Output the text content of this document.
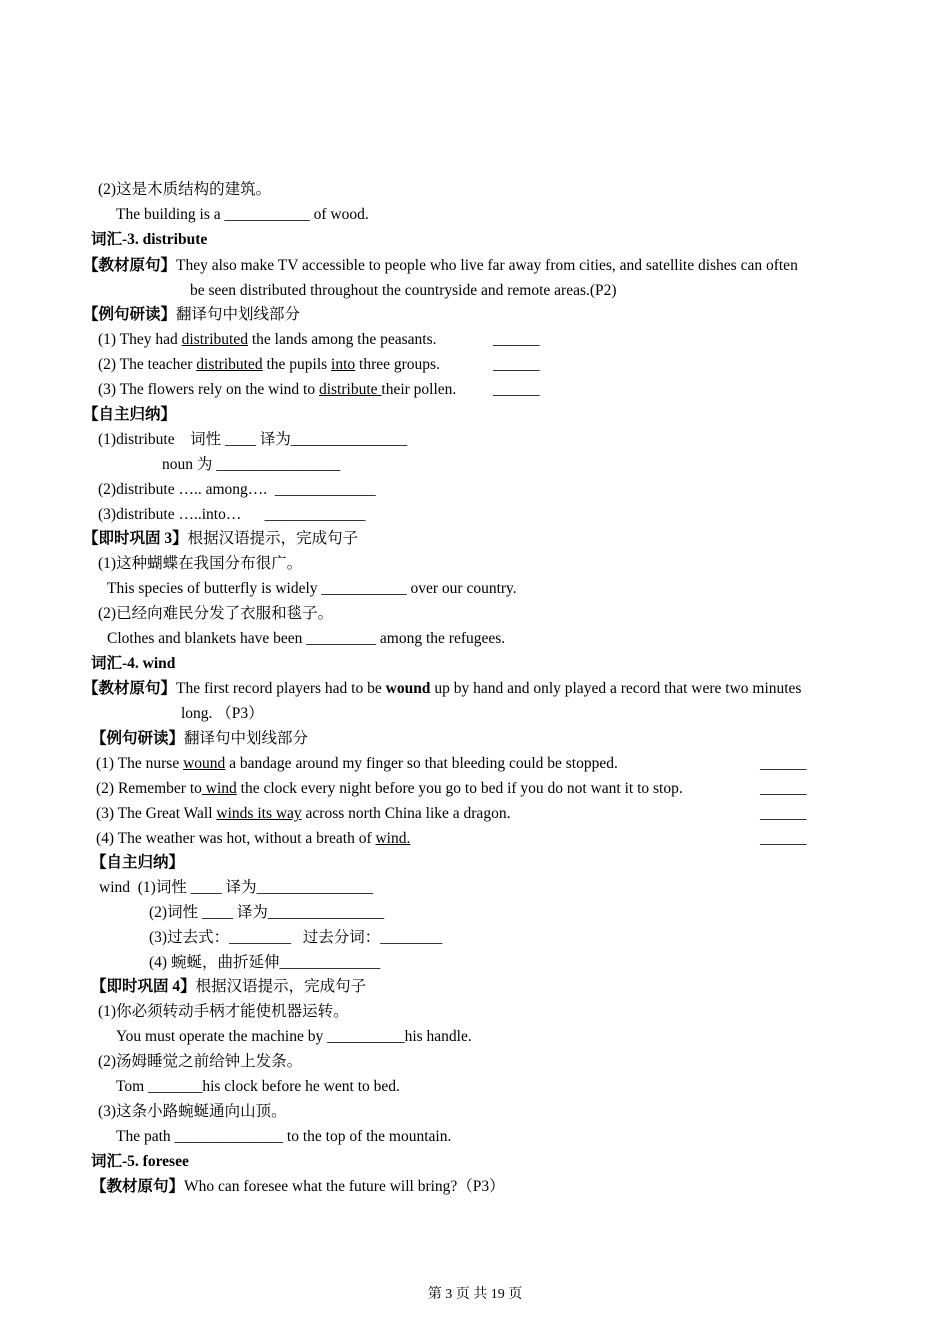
(2)这是木质结构的建筑。
The building is a ___________ of wood.
词汇-3. distribute
【教材原句】They also make TV accessible to people who live far away from cities, and satellite dishes can often
be seen distributed throughout the countryside and remote areas.(P2)
【例句研读】翻译句中划线部分
(1) They had distributed the lands among the peasants.	______
(2) The teacher distributed the pupils into three groups.	______
(3) The flowers rely on the wind to distribute their pollen. ______
【自主归纳】
(1)distribute    词性 ____ 译为_______________
noun 为 ________________
(2)distribute ….. among….  _____________
(3)distribute …..into…      _____________
【即时巩固 3】根据汉语提示，完成句子
(1)这种蝴蝶在我国分布很广。
This species of butterfly is widely ___________ over our country.
(2)已经向难民分发了衣服和毯子。
Clothes and blankets have been _________ among the refugees.
词汇-4. wind
【教材原句】The first record players had to be wound up by hand and only played a record that were two minutes
long. （P3）
【例句研读】翻译句中划线部分
(1) The nurse wound a bandage around my finger so that bleeding could be stopped.	______
(2) Remember to wind the clock every night before you go to bed if you do not want it to stop.	______
(3) The Great Wall winds its way across north China like a dragon.	______
(4) The weather was hot, without a breath of wind.	______
【自主归纳】
wind  (1)词性 ____ 译为_______________
(2)词性 ____ 译为_______________
(3)过去式：________   过去分词：________
(4) 蜿蜒，曲折延伸_____________
【即时巩固 4】根据汉语提示，完成句子
(1)你必须转动手柄才能使机器运转。
You must operate the machine by __________his handle.
(2)汤姆睡觉之前给钟上发条。
Tom _______his clock before he went to bed.
(3)这条小路蜿蜒通向山顶。
The path ______________ to the top of the mountain.
词汇-5. foresee
【教材原句】Who can foresee what the future will bring?（P3）
第 3 页 共 19 页
